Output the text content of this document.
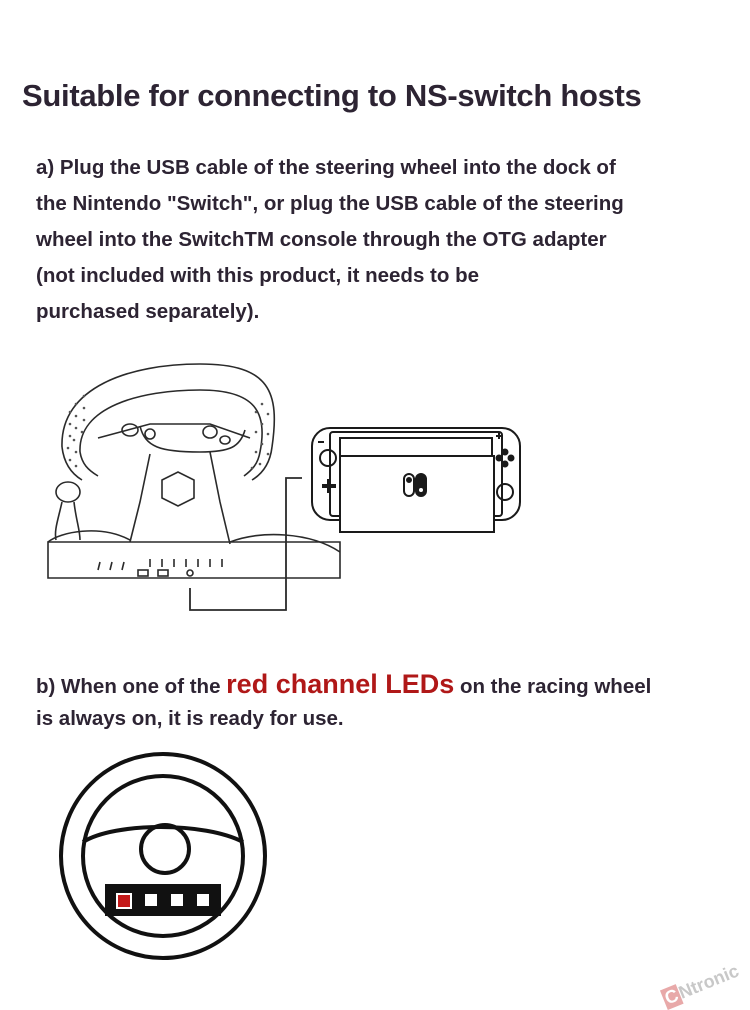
Suitable for connecting to NS-switch hosts
a) Plug the USB cable of the steering wheel into the dock of
the Nintendo "Switch", or plug the USB cable of the steering
wheel into the SwitchTM console through the OTG adapter
(not included with this product, it needs to be
purchased separately).
b) When one of the red channel LEDs on the racing wheel
is always on, it is ready for use.
CNtronic
